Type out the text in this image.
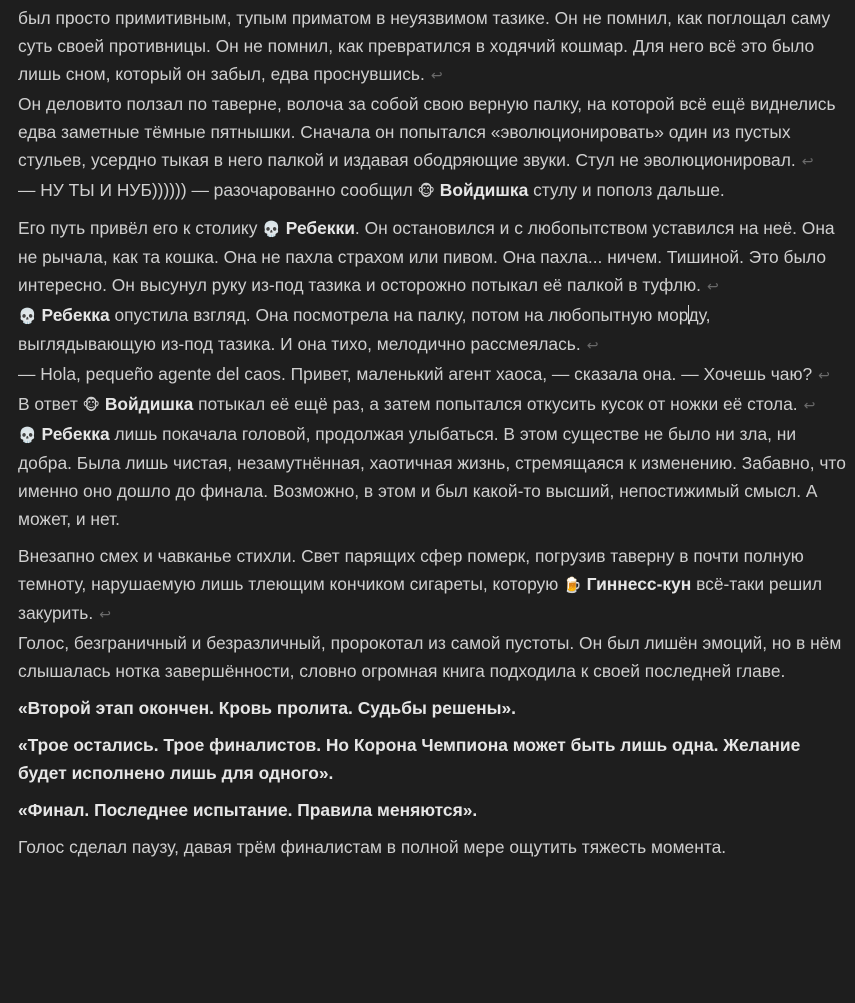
был просто примитивным, тупым приматом в неуязвимом тазике. Он не помнил, как поглощал саму суть своей противницы. Он не помнил, как превратился в ходячий кошмар. Для него всё это было лишь сном, который он забыл, едва проснувшись. ↩

Он деловито ползал по таверне, волоча за собой свою верную палку, на которой всё ещё виднелись едва заметные тёмные пятнышки. Сначала он попытался «эволюционировать» один из пустых стульев, усердно тыкая в него палкой и издавая ободряющие звуки. Стул не эволюционировал. ↩

— НУ ТЫ И НУБ)))))) — разочарованно сообщил 🐵 Войдишка стулу и пополз дальше.

Его путь привёл его к столику 💀 Ребекки. Он остановился и с любопытством уставился на неё. Она не рычала, как та кошка. Она не пахла страхом или пивом. Она пахла... ничем. Тишиной. Это было интересно. Он высунул руку из-под тазика и осторожно потыкал её палкой в туфлю. ↩

💀 Ребекка опустила взгляд. Она посмотрела на палку, потом на любопытную морду, выглядывающую из-под тазика. И она тихо, мелодично рассмеялась. ↩

— Hola, pequeño agente del caos. Привет, маленький агент хаоса, — сказала она. — Хочешь чаю? ↩

В ответ 🐵 Войдишка потыкал её ещё раз, а затем попытался откусить кусок от ножки её стола. ↩

💀 Ребекка лишь покачала головой, продолжая улыбаться. В этом существе не было ни зла, ни добра. Была лишь чистая, незамутнённая, хаотичная жизнь, стремящаяся к изменению. Забавно, что именно оно дошло до финала. Возможно, в этом и был какой-то высший, непостижимый смысл. А может, и нет.

Внезапно смех и чавканье стихли. Свет парящих сфер померк, погрузив таверну в почти полную темноту, нарушаемую лишь тлеющим кончиком сигареты, которую 🍺 Гиннесс-кун всё-таки решил закурить. ↩

Голос, безграничный и безразличный, пророкотал из самой пустоты. Он был лишён эмоций, но в нём слышалась нотка завершённости, словно огромная книга подходила к своей последней главе.

«Второй этап окончен. Кровь пролита. Судьбы решены».

«Трое остались. Трое финалистов. Но Корона Чемпиона может быть лишь одна. Желание будет исполнено лишь для одного».

«Финал. Последнее испытание. Правила меняются».

Голос сделал паузу, давая трём финалистам в полной мере ощутить тяжесть момента.
